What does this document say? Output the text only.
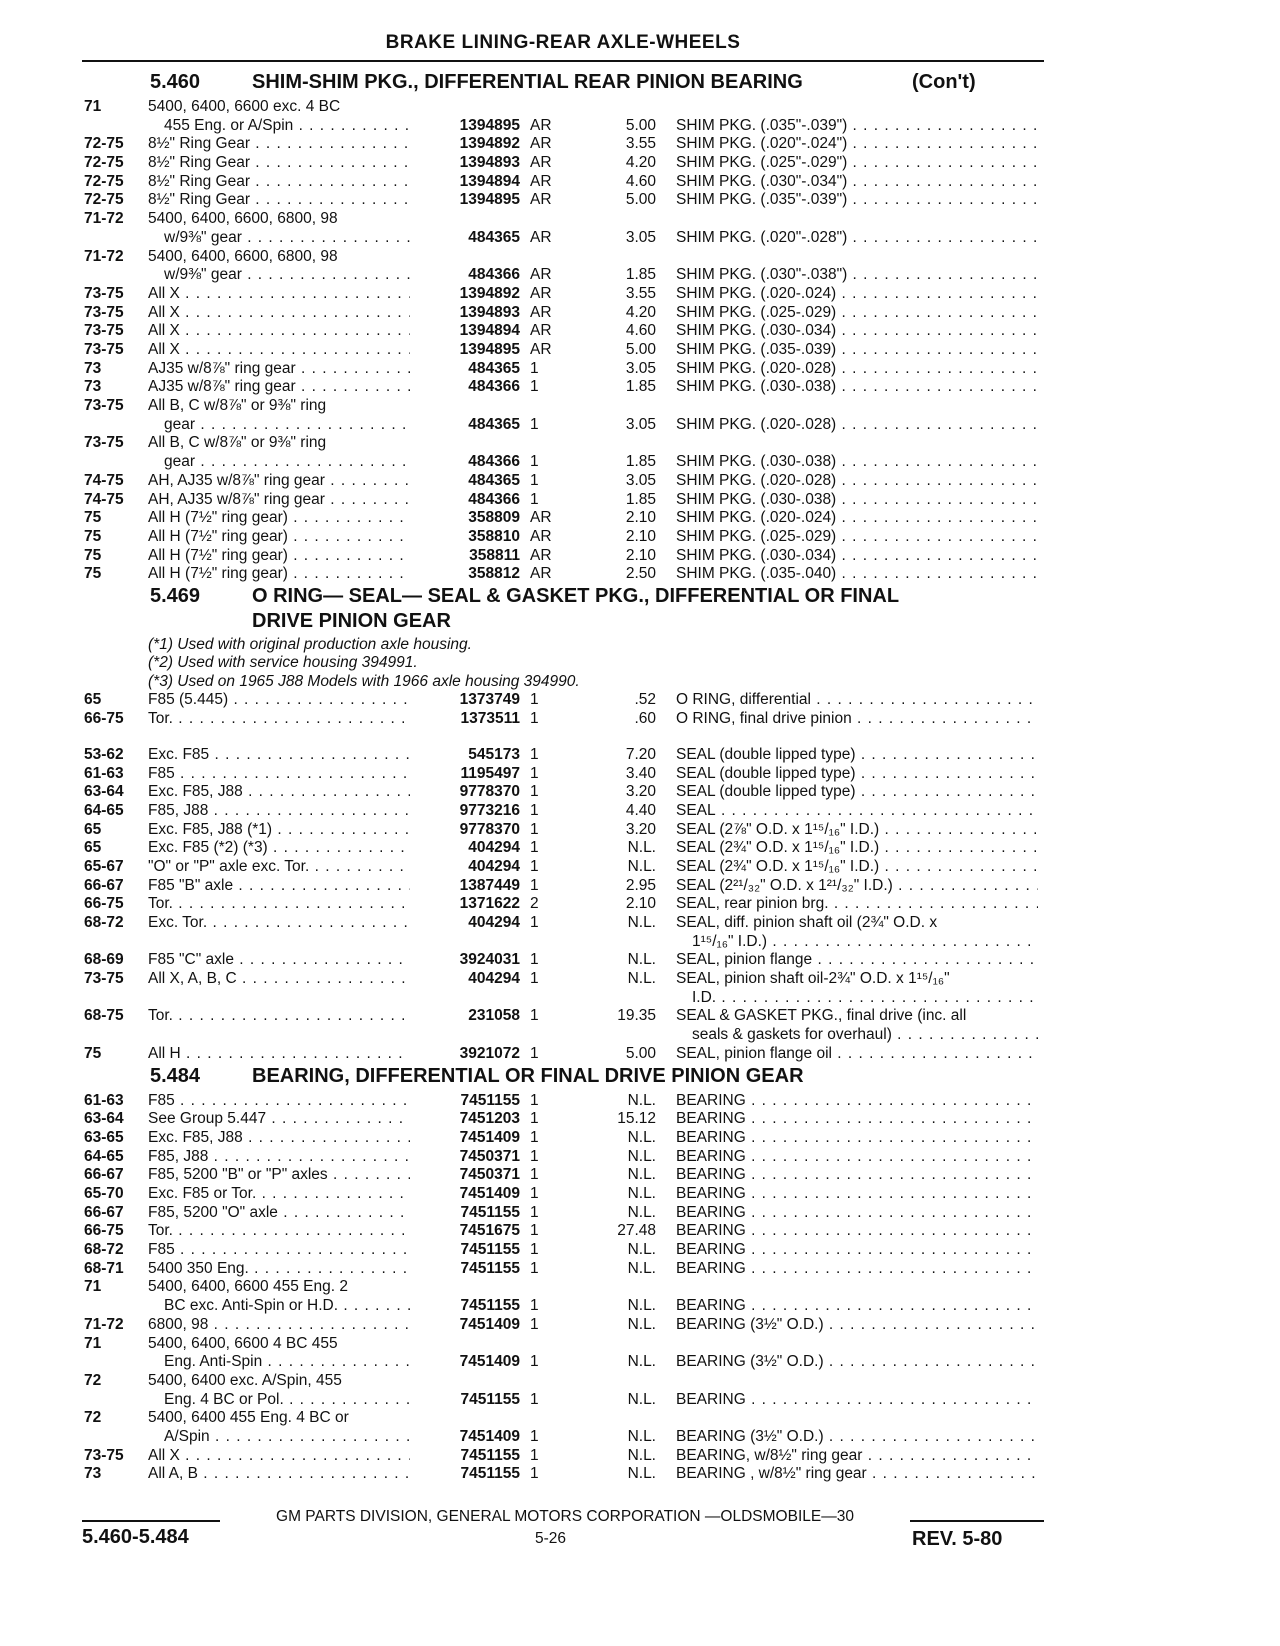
BRAKE LINING-REAR AXLE-WHEELS
5.460	SHIM-SHIM PKG., DIFFERENTIAL REAR PINION BEARING	(Con't)
71	5400, 6400, 6600 exc. 4 BC
455 Eng. or A/Spin . . .	1394895 AR	5.00 SHIM PKG. (.035"-.039") . . .
72-75 8½" Ring Gear . . .	1394892 AR	3.55 SHIM PKG. (.020"-.024") . . .
72-75 8½" Ring Gear . . .	1394893 AR	4.20 SHIM PKG. (.025"-.029") . . .
72-75 8½" Ring Gear . . .	1394894 AR	4.60 SHIM PKG. (.030"-.034") . . .
72-75 8½" Ring Gear . . .	1394895 AR	5.00 SHIM PKG. (.035"-.039") . . .
71-72 5400, 6400, 6600, 6800, 98
w/9⅜" gear . . .	484365 AR	3.05 SHIM PKG. (.020"-.028") . . .
71-72 5400, 6400, 6600, 6800, 98
w/9⅜" gear . . .	484366 AR	1.85 SHIM PKG. (.030"-.038") . . .
73-75 All X . . .	1394892 AR	3.55 SHIM PKG. (.020-.024) . . .
73-75 All X . . .	1394893 AR	4.20 SHIM PKG. (.025-.029) . . .
73-75 All X . . .	1394894 AR	4.60 SHIM PKG. (.030-.034) . . .
73-75 All X . . .	1394895 AR	5.00 SHIM PKG. (.035-.039) . . .
73	AJ35 w/8⅞" ring gear . . .	484365 1	3.05 SHIM PKG. (.020-.028) . . .
73	AJ35 w/8⅞" ring gear . . .	484366 1	1.85 SHIM PKG. (.030-.038) . . .
73-75 All B, C w/8⅞" or 9⅜" ring
gear . . .	484365 1	3.05 SHIM PKG. (.020-.028) . . .
73-75 All B, C w/8⅞" or 9⅜" ring
gear . . .	484366 1	1.85 SHIM PKG. (.030-.038) . . .
74-75 AH, AJ35 w/8⅞" ring gear . . .	484365 1	3.05 SHIM PKG. (.020-.028) . . .
74-75 AH, AJ35 w/8⅞" ring gear . . .	484366 1	1.85 SHIM PKG. (.030-.038) . . .
75	All H (7½" ring gear) . . .	358809 AR	2.10 SHIM PKG. (.020-.024) . . .
75	All H (7½" ring gear) . . .	358810 AR	2.10 SHIM PKG. (.025-.029) . . .
75	All H (7½" ring gear) . . .	358811 AR	2.10 SHIM PKG. (.030-.034) . . .
75	All H (7½" ring gear) . . .	358812 AR	2.50 SHIM PKG. (.035-.040) . . .
5.469	O RING— SEAL— SEAL & GASKET PKG., DIFFERENTIAL OR FINAL
DRIVE PINION GEAR
(*1) Used with original production axle housing.
(*2) Used with service housing 394991.
(*3) Used on 1965 J88 Models with 1966 axle housing 394990.
65	F85 (5.445) . . .	1373749 1	.52 O RING, differential . . .
66-75 Tor. . . .	1373511 1	.60 O RING, final drive pinion . . .
53-62 Exc. F85 . . .	545173 1	7.20 SEAL (double lipped type) . . .
61-63 F85 . . .	1195497 1	3.40 SEAL (double lipped type) . . .
63-64 Exc. F85, J88 . . .	9778370 1	3.20 SEAL (double lipped type) . . .
64-65 F85, J88 . . .	9773216 1	4.40 SEAL . . .
65	Exc. F85, J88 (*1) . . .	9778370 1	3.20 SEAL (2⅞" O.D. x 1¹⁵/₁₆" I.D.) . . .
65	Exc. F85 (*2) (*3) . . .	404294 1	N.L. SEAL (2¾" O.D. x 1¹⁵/₁₆" I.D.) . . .
65-67 "O" or "P" axle exc. Tor. . . .	404294 1	N.L. SEAL (2¾" O.D. x 1¹⁵/₁₆" I.D.) . . .
66-67 F85 "B" axle . . .	1387449 1	2.95 SEAL (2²¹/₃₂" O.D. x 1²¹/₃₂" I.D.) . . .
66-75 Tor. . . .	1371622 2	2.10 SEAL, rear pinion brg. . . .
68-72 Exc. Tor. . . .	404294 1	N.L. SEAL, diff. pinion shaft oil (2¾" O.D. x
1¹⁵/₁₆" I.D.) . . .
68-69 F85 "C" axle . . .	3924031 1	N.L. SEAL, pinion flange . . .
73-75 All X, A, B, C . . .	404294 1	N.L. SEAL, pinion shaft oil-2¾" O.D. x 1¹⁵/₁₆"
I.D. . . .
68-75 Tor. . . .	231058 1	19.35 SEAL & GASKET PKG., final drive (inc. all
seals & gaskets for overhaul) . . .
75	All H . . .	3921072 1	5.00 SEAL, pinion flange oil . . .
5.484	BEARING, DIFFERENTIAL OR FINAL DRIVE PINION GEAR
61-63 F85 . . .	7451155 1	N.L. BEARING . . .
63-64 See Group 5.447 . . .	7451203 1	15.12 BEARING . . .
63-65 Exc. F85, J88 . . .	7451409 1	N.L. BEARING . . .
64-65 F85, J88 . . .	7450371 1	N.L. BEARING . . .
66-67 F85, 5200 "B" or "P" axles . . .	7450371 1	N.L. BEARING . . .
65-70 Exc. F85 or Tor. . . .	7451409 1	N.L. BEARING . . .
66-67 F85, 5200 "O" axle . . .	7451155 1	N.L. BEARING . . .
66-75 Tor. . . .	7451675 1	27.48 BEARING . . .
68-72 F85 . . .	7451155 1	N.L. BEARING . . .
68-71 5400 350 Eng. . . .	7451155 1	N.L. BEARING . . .
71	5400, 6400, 6600 455 Eng. 2
BC exc. Anti-Spin or H.D. . . .	7451155 1	N.L. BEARING . . .
71-72 6800, 98 . . .	7451409 1	N.L. BEARING (3½" O.D.) . . .
71	5400, 6400, 6600 4 BC 455
Eng. Anti-Spin . . .	7451409 1	N.L. BEARING (3½" O.D.) . . .
72	5400, 6400 exc. A/Spin, 455
Eng. 4 BC or Pol. . . .	7451155 1	N.L. BEARING . . .
72	5400, 6400 455 Eng. 4 BC or
A/Spin . . .	7451409 1	N.L. BEARING (3½" O.D.) . . .
73-75 All X . . .	7451155 1	N.L. BEARING, w/8½" ring gear . . .
73	All A, B . . .	7451155 1	N.L. BEARING , w/8½" ring gear . . .
GM PARTS DIVISION, GENERAL MOTORS CORPORATION —OLDSMOBILE—30
5.460-5.484	5-26	REV. 5-80
